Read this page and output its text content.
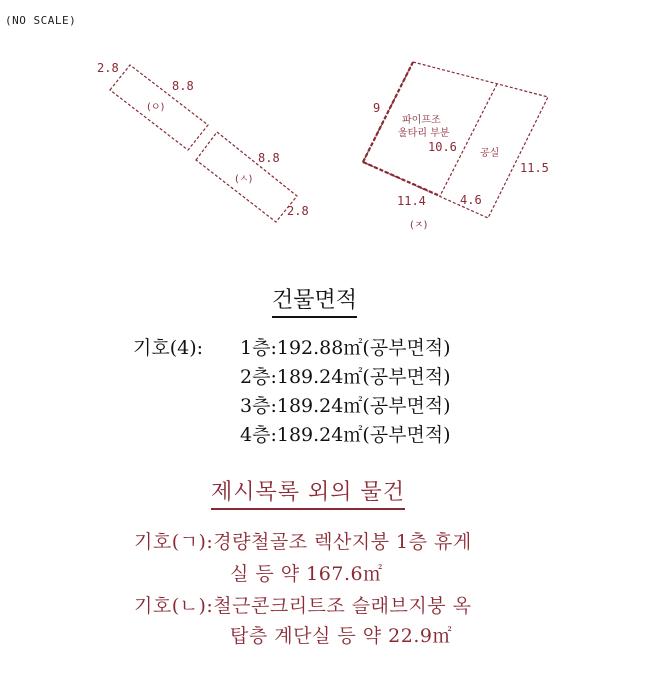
(NO SCALE)
2.8
8.8
(ㅇ)
8.8
(ㅅ)
2.8
9
파이프조
울타리 부분
10.6 공실
11.5
11.4	4.6
(ㅈ)
건물면적
기호(4): 1층:192.88㎡(공부면적)
2층:189.24㎡(공부면적)
3층:189.24㎡(공부면적)
4층:189.24㎡(공부면적)
제시목록 외의 물건
기호(ㄱ):경량철골조 렉산지붕 1층 휴게
실 등 약 167.6㎡
기호(ㄴ):철근콘크리트조 슬래브지붕 옥
탑층 계단실 등 약 22.9㎡
